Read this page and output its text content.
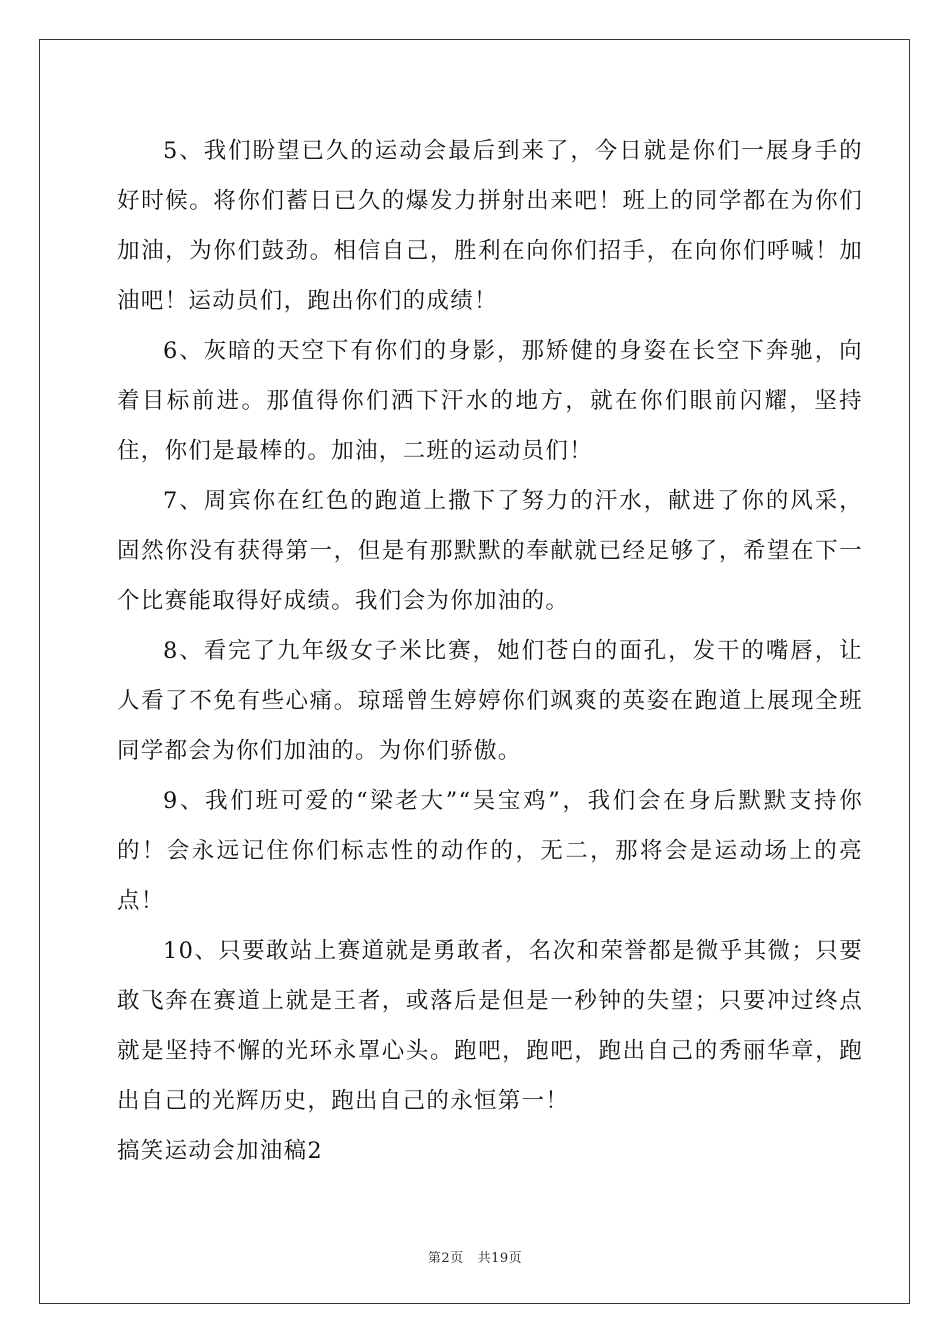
5、我们盼望已久的运动会最后到来了，今日就是你们一展身手的好时候。将你们蓄日已久的爆发力拼射出来吧！班上的同学都在为你们加油，为你们鼓劲。相信自己，胜利在向你们招手，在向你们呼喊！加油吧！运动员们，跑出你们的成绩！

6、灰暗的天空下有你们的身影，那矫健的身姿在长空下奔驰，向着目标前进。那值得你们洒下汗水的地方，就在你们眼前闪耀，坚持住，你们是最棒的。加油，二班的运动员们！

7、周宾你在红色的跑道上撒下了努力的汗水，献进了你的风采，固然你没有获得第一，但是有那默默的奉献就已经足够了，希望在下一个比赛能取得好成绩。我们会为你加油的。

8、看完了九年级女子米比赛，她们苍白的面孔，发干的嘴唇，让人看了不免有些心痛。琼瑶曾生婷婷你们飒爽的英姿在跑道上展现全班同学都会为你们加油的。为你们骄傲。

9、我们班可爱的“梁老大”“吴宝鸡”，我们会在身后默默支持你的！会永远记住你们标志性的动作的，无二，那将会是运动场上的亮点！

10、只要敢站上赛道就是勇敢者，名次和荣誉都是微乎其微；只要敢飞奔在赛道上就是王者，或落后是但是一秒钟的失望；只要冲过终点就是坚持不懈的光环永罩心头。跑吧，跑吧，跑出自己的秀丽华章，跑出自己的光辉历史，跑出自己的永恒第一！

搞笑运动会加油稿2

第2页 共19页
